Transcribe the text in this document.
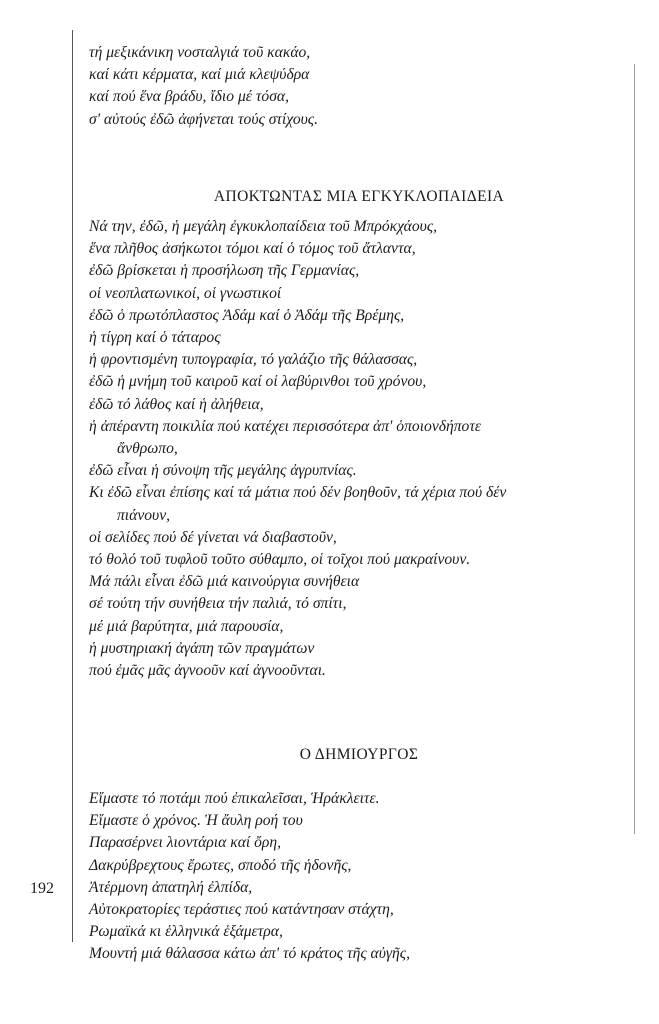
τή μεξικάνικη νοσταλγιά τοῦ κακάο,
καί κάτι κέρματα, καί μιά κλεψύδρα
καί πού ἕνα βράδυ, ἴδιο μέ τόσα,
σ' αὐτούς ἐδῶ ἀφήνεται τούς στίχους.
ΑΠΟΚΤΩΝΤΑΣ ΜΙΑ ΕΓΚΥΚΛΟΠΑΙΔΕΙΑ
Νά την, ἐδῶ, ἡ μεγάλη ἐγκυκλοπαίδεια τοῦ Μπρόκχάους,
ἕνα πλῆθος ἀσήκωτοι τόμοι καί ὁ τόμος τοῦ ἄτλαντα,
ἐδῶ βρίσκεται ἡ προσήλωση τῆς Γερμανίας,
οἱ νεοπλατωνικοί, οἱ γνωστικοί
ἐδῶ ὁ πρωτόπλαστος Ἀδάμ καί ὁ Ἀδάμ τῆς Βρέμης,
ἡ τίγρη καί ὁ τάταρος
ἡ φροντισμένη τυπογραφία, τό γαλάζιο τῆς θάλασσας,
ἐδῶ ἡ μνήμη τοῦ καιροῦ καί οἱ λαβύρινθοι τοῦ χρόνου,
ἐδῶ τό λάθος καί ἡ ἀλήθεια,
ἡ ἀπέραντη ποικιλία πού κατέχει περισσότερα ἀπ' ὁποιονδήποτε
ἄνθρωπο,
ἐδῶ εἶναι ἡ σύνοψη τῆς μεγάλης ἀγρυπνίας.
Κι ἐδῶ εἶναι ἐπίσης καί τά μάτια πού δέν βοηθοῦν, τά χέρια πού δέν
πιάνουν,
οἱ σελίδες πού δέ γίνεται νά διαβαστοῦν,
τό θολό τοῦ τυφλοῦ τοῦτο σύθαμπο, οἱ τοῖχοι πού μακραίνουν.
Μά πάλι εἶναι ἐδῶ μιά καινούργια συνήθεια
σέ τούτη τήν συνήθεια τήν παλιά, τό σπίτι,
μέ μιά βαρύτητα, μιά παρουσία,
ἡ μυστηριακή ἀγάπη τῶν πραγμάτων
πού ἐμᾶς μᾶς ἀγνοοῦν καί ἀγνοοῦνται.
Ο ΔΗΜΙΟΥΡΓΟΣ
Εἴμαστε τό ποτάμι πού ἐπικαλεῖσαι, Ἡράκλειτε.
Εἴμαστε ὁ χρόνος. Ἡ ἄυλη ροή του
Παρασέρνει λιοντάρια καί ὄρη,
Δακρύβρεχτους ἔρωτες, σποδό τῆς ἡδονῆς,
Ἀτέρμονη ἀπατηλή ἐλπίδα,
Αὐτοκρατορίες τεράστιες πού κατάντησαν στάχτη,
Ρωμαϊκά κι ἑλληνικά ἑξάμετρα,
Μουντή μιά θάλασσα κάτω ἀπ' τό κράτος τῆς αὐγῆς,
192
